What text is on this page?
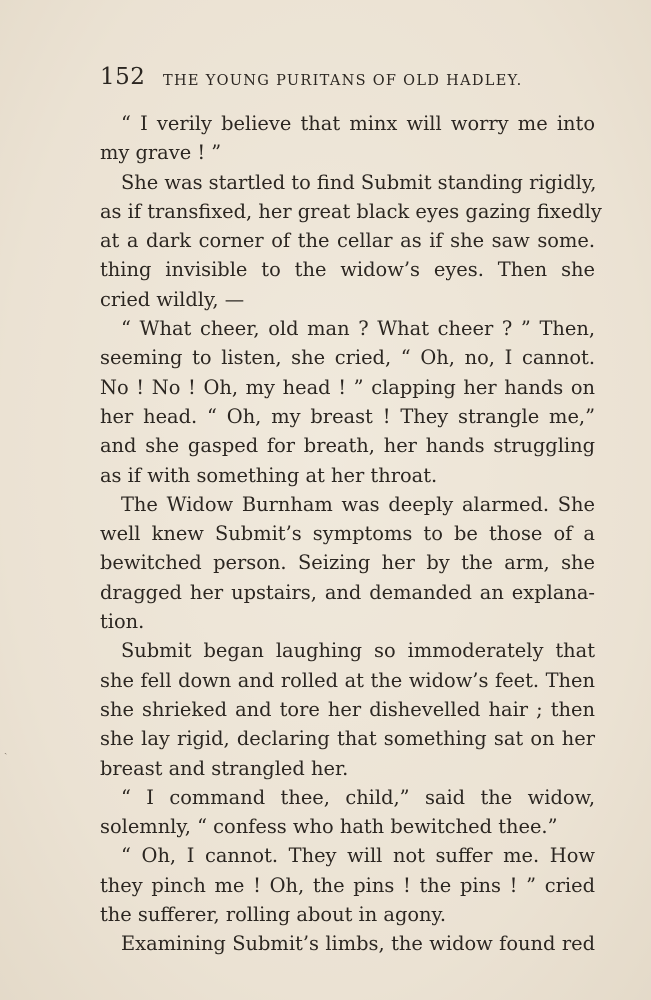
152 THE YOUNG PURITANS OF OLD HADLEY.
“ I verily believe that minx will worry me into
my grave ! ”
She was startled to find Submit standing rigidly,
as if transfixed, her great black eyes gazing fixedly
at a dark corner of the cellar as if she saw some.
thing invisible to the widow’s eyes. Then she
cried wildly, —
“ What cheer, old man ? What cheer ? ” Then,
seeming to listen, she cried, “ Oh, no, I cannot.
No ! No ! Oh, my head ! ” clapping her hands on
her head. “ Oh, my breast ! They strangle me,”
and she gasped for breath, her hands struggling
as if with something at her throat.
The Widow Burnham was deeply alarmed. She
well knew Submit’s symptoms to be those of a
bewitched person. Seizing her by the arm, she
dragged her upstairs, and demanded an explana-
tion.
Submit began laughing so immoderately that
she fell down and rolled at the widow’s feet. Then
she shrieked and tore her dishevelled hair ; then
she lay rigid, declaring that something sat on her
breast and strangled her.
“ I command thee, child,” said the widow,
solemnly, “ confess who hath bewitched thee.”
“ Oh, I cannot. They will not suffer me. How
they pinch me ! Oh, the pins ! the pins ! ” cried
the sufferer, rolling about in agony.
Examining Submit’s limbs, the widow found red
ˏ
